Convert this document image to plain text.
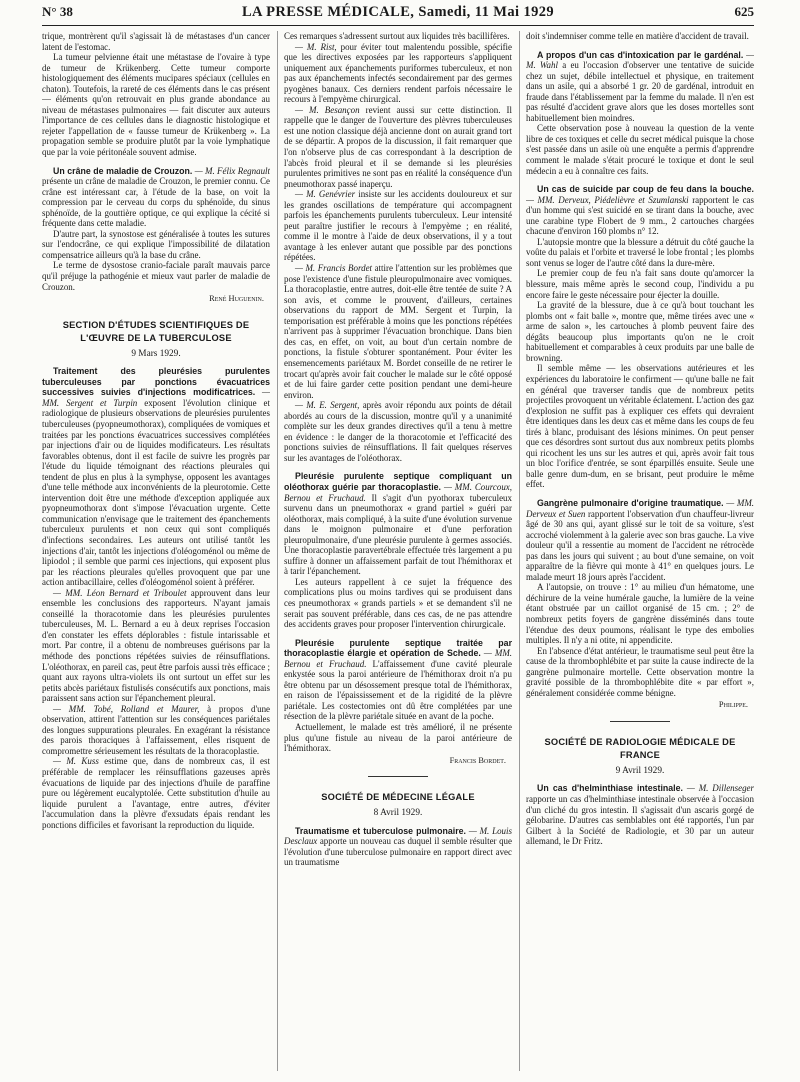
N° 38	LA PRESSE MÉDICALE, Samedi, 11 Mai 1929	625

trique, montrèrent qu'il s'agissait là de métastases d'un cancer latent de l'estomac.

La tumeur pelvienne était une métastase de l'ovaire à type de tumeur de Krükenberg. Cette tumeur comporte histologiquement des éléments mucipares spéciaux (cellules en chaton). Toutefois, la rareté de ces éléments dans le cas présent — éléments qu'on retrouvait en plus grande abondance au niveau de métastases pulmonaires — fait discuter aux auteurs l'importance de ces cellules dans le diagnostic histologique et rejeter l'appellation de « fausse tumeur de Krükenberg ». La propagation semble se produire plutôt par la voie lymphatique que par la voie péritonéale souvent admise.

Un crâne de maladie de Crouzon. — M. Félix Regnault présente un crâne de maladie de Crouzon, le premier connu. Ce crâne est intéressant car, à l'étude de la base, on voit la compression par le cerveau du corps du sphénoïde, du sinus sphénoïde, de la gouttière optique, ce qui explique la cécité si fréquente dans cette maladie.

D'autre part, la synostose est généralisée à toutes les sutures sur l'endocrâne, ce qui explique l'impossibilité de dilatation compensatrice ailleurs qu'à la base du crâne.

Le terme de dysostose cranio-faciale paraît mauvais parce qu'il préjuge la pathogénie et mieux vaut parler de maladie de Crouzon.

René Huguenin.
SECTION D'ÉTUDES SCIENTIFIQUES DE L'ŒUVRE DE LA TUBERCULOSE
9 Mars 1929.

Traitement des pleurésies purulentes tuberculeuses par ponctions évacuatrices successives suivies d'injections modificatrices. — MM. Sergent et Turpin exposent l'évolution clinique et radiologique de plusieurs observations de pleurésies purulentes tuberculeuses (pyopneumothorax), compliquées de vomiques et traitées par les ponctions évacuatrices successives complétées par injections d'air ou de liquides modificateurs. Les résultats favorables obtenus, dont il est facile de suivre les progrès par l'étude du liquide témoignant des réactions pleurales qui tendent de plus en plus à la symphyse, opposent les avantages d'une telle méthode aux inconvénients de la pleurotomie. Cette intervention doit être une méthode d'exception appliquée aux pyopneumothorax dont s'impose l'évacuation urgente. Cette communication n'envisage que le traitement des épanchements tuberculeux purulents et non ceux qui sont compliqués d'infections secondaires. Les auteurs ont utilisé tantôt les injections d'air, tantôt les injections d'oléogoménol ou même de lipiodol ; il semble que parmi ces injections, qui exposent plus par les réactions pleurales qu'elles provoquent que par une action antibacillaire, celles d'oléogoménol soient à préférer.

— MM. Léon Bernard et Triboulet approuvent dans leur ensemble les conclusions des rapporteurs. N'ayant jamais conseillé la thoracotomie dans les pleurésies purulentes tuberculeuses, M. L. Bernard a eu à deux reprises l'occasion d'en constater les effets déplorables : fistule intarissable et mort. Par contre, il a obtenu de nombreuses guérisons par la méthode des ponctions répétées suivies de réinsufflations. L'oléothorax, en pareil cas, peut être parfois aussi très efficace ; quant aux rayons ultra-violets ils ont surtout un effet sur les petits abcès pariétaux fistulisés consécutifs aux ponctions, mais paraissent sans action sur l'épanchement pleural.

— MM. Tobé, Rolland et Maurer, à propos d'une observation, attirent l'attention sur les conséquences pariétales des longues suppurations pleurales. En exagérant la résistance des parois thoraciques à l'affaissement, elles risquent de compromettre sérieusement les résultats de la thoracoplastie.

— M. Kuss estime que, dans de nombreux cas, il est préférable de remplacer les réinsufflations gazeuses après évacuations de liquide par des injections d'huile de paraffine pure ou légèrement eucalyptolée. Cette substitution d'huile au liquide purulent a l'avantage, entre autres, d'éviter l'accumulation dans la plèvre d'exsudats épais rendant les ponctions difficiles et favorisant la reproduction du liquide.

Ces remarques s'adressent surtout aux liquides très bacillifères.

— M. Rist, pour éviter tout malentendu possible, spécifie que les directives exposées par les rapporteurs s'appliquent uniquement aux épanchements puriformes tuberculeux, et non pas aux épanchements infectés secondairement par des germes pyogènes banaux. Ces derniers rendent parfois nécessaire le recours à l'empyème chirurgical.

— M. Besançon revient aussi sur cette distinction. Il rappelle que le danger de l'ouverture des plèvres tuberculeuses est une notion classique déjà ancienne dont on aurait grand tort de se départir. A propos de la discussion, il fait remarquer que l'on n'observe plus de cas correspondant à la description de l'abcès froid pleural et il se demande si les pleurésies purulentes primitives ne sont pas en réalité la conséquence d'un pneumothorax passé inaperçu.

— M. Genévrier insiste sur les accidents douloureux et sur les grandes oscillations de température qui accompagnent parfois les épanchements purulents tuberculeux. Leur intensité peut paraître justifier le recours à l'empyème ; en réalité, comme il le montre à l'aide de deux observations, il y a tout avantage à les enlever autant que possible par des ponctions répétées.

— M. Francis Bordet attire l'attention sur les problèmes que pose l'existence d'une fistule pleuropulmonaire avec vomiques. La thoracoplastie, entre autres, doit-elle être tentée de suite ? A son avis, et comme le prouvent, d'ailleurs, certaines observations du rapport de MM. Sergent et Turpin, la temporisation est préférable à moins que les ponctions répétées n'arrivent pas à supprimer l'évacuation bronchique. Dans bien des cas, en effet, on voit, au bout d'un certain nombre de ponctions, la fistule s'obturer spontanément. Pour éviter les ensemencements pariétaux M. Bordet conseille de ne retirer le trocart qu'après avoir fait coucher le malade sur le côté opposé et de lui faire garder cette position pendant une demi-heure environ.

— M. E. Sergent, après avoir répondu aux points de détail abordés au cours de la discussion, montre qu'il y a unanimité complète sur les deux grandes directives qu'il a tenu à mettre en évidence : le danger de la thoracotomie et l'efficacité des ponctions suivies de réinsufflations. Il fait quelques réserves sur les avantages de l'oléothorax.

Pleurésie purulente septique compliquant un oléothorax guérie par thoracoplastie. — MM. Courcoux, Bernou et Fruchaud. Il s'agit d'un pyothorax tuberculeux survenu dans un pneumothorax « grand partiel » guéri par oléothorax, mais compliqué, à la suite d'une évolution survenue dans le moignon pulmonaire et d'une perforation pleuropulmonaire, d'une pleurésie purulente à germes associés. Une thoracoplastie paravertébrale effectuée très largement a pu suffire à donner un affaissement parfait de tout l'hémithorax et à tarir l'épanchement.

Les auteurs rappellent à ce sujet la fréquence des complications plus ou moins tardives qui se produisent dans ces pneumothorax « grands partiels » et se demandent s'il ne serait pas souvent préférable, dans ces cas, de ne pas attendre des accidents graves pour proposer l'intervention chirurgicale.

Pleurésie purulente septique traitée par thoracoplastie élargie et opération de Schede. — MM. Bernou et Fruchaud. L'affaissement d'une cavité pleurale enkystée sous la paroi antérieure de l'hémithorax droit n'a pu être obtenu par un désossement presque total de l'hémithorax, en raison de l'épaississement et de la rigidité de la plèvre pariétale. Les costectomies ont dû être complétées par une résection de la plèvre pariétale située en avant de la poche.

Actuellement, le malade est très amélioré, il ne présente plus qu'une fistule au niveau de la paroi antérieure de l'hémithorax.

Francis Bordet.
SOCIÉTÉ DE MÉDECINE LÉGALE
8 Avril 1929.

Traumatisme et tuberculose pulmonaire. — M. Louis Desclaux apporte un nouveau cas duquel il semble résulter que l'évolution d'une tuberculose pulmonaire en rapport direct avec un traumatisme

doit s'indemniser comme telle en matière d'accident de travail.

A propos d'un cas d'intoxication par le gardénal. — M. Wahl a eu l'occasion d'observer une tentative de suicide chez un sujet, débile intellectuel et physique, en traitement dans un asile, qui a absorbé 1 gr. 20 de gardénal, introduit en fraude dans l'établissement par la femme du malade. Il n'en est pas résulté d'accident grave alors que les doses mortelles sont habituellement bien moindres.

Cette observation pose à nouveau la question de la vente libre de ces toxiques et celle du secret médical puisque la chose s'est passée dans un asile où une enquête a permis d'apprendre comment le malade s'était procuré le toxique et dont le seul médecin a eu à connaître ces faits.

Un cas de suicide par coup de feu dans la bouche. — MM. Derveux, Piédelièvre et Szumlanski rapportent le cas d'un homme qui s'est suicidé en se tirant dans la bouche, avec une carabine type Flobert de 9 mm., 2 cartouches chargées chacune d'environ 160 plombs n° 12.

L'autopsie montre que la blessure a détruit du côté gauche la voûte du palais et l'orbite et traversé le lobe frontal ; les plombs sont venus se loger de l'autre côté dans la dure-mère.

Le premier coup de feu n'a fait sans doute qu'amorcer la blessure, mais même après le second coup, l'individu a pu encore faire le geste nécessaire pour éjecter la douille.

La gravité de la blessure, due à ce qu'à bout touchant les plombs ont « fait balle », montre que, même tirées avec une « arme de salon », les cartouches à plomb peuvent faire des dégâts beaucoup plus importants qu'on ne le croit habituellement et comparables à ceux produits par une balle de browning.

Il semble même — les observations autérieures et les expériences du laboratoire le confirment — qu'une balle ne fait en général que traverser tandis que de nombreux petits projectiles provoquent un véritable éclatement. L'action des gaz d'explosion ne suffit pas à expliquer ces effets qui devraient être identiques dans les deux cas et même dans les coups de feu tirés à blanc, produisant des lésions minimes. On peut penser que ces désordres sont surtout dus aux nombreux petits plombs qui ricochent les uns sur les autres et qui, après avoir fait tous un bloc l'orifice d'entrée, se sont éparpillés ensuite. Seule une balle genre dum-dum, en se brisant, peut produire le même effet.

Gangrène pulmonaire d'origine traumatique. — MM. Derveux et Suen rapportent l'observation d'un chauffeur-livreur âgé de 30 ans qui, ayant glissé sur le toit de sa voiture, s'est accroché violemment à la galerie avec son bras gauche. La vive douleur qu'il a ressentie au moment de l'accident ne rétrocède pas dans les jours qui suivent ; au bout d'une semaine, on voit apparaître de la fièvre qui monte à 41° en quelques jours. Le malade meurt 18 jours après l'accident.

A l'autopsie, on trouve : 1° au milieu d'un hématome, une déchirure de la veine humérale gauche, la lumière de la veine étant obstruée par un caillot organisé de 15 cm. ; 2° de nombreux petits foyers de gangrène disséminés dans toute l'étendue des deux poumons, réalisant le type des embolies multiples. Il n'y a ni otite, ni appendicite.

En l'absence d'état antérieur, le traumatisme seul peut être la cause de la thrombophlébite et par suite la cause indirecte de la gangrène pulmonaire mortelle. Cette observation montre la gravité possible de la thrombophlébite dite « par effort », généralement considérée comme bénigne.

Philippe.
SOCIÉTÉ DE RADIOLOGIE MÉDICALE DE FRANCE
9 Avril 1929.

Un cas d'helminthiase intestinale. — M. Dillenseger rapporte un cas d'helminthiase intestinale observée à l'occasion d'un cliché du gros intestin. Il s'agissait d'un ascaris gorgé de gélobarine. D'autres cas semblables ont été rapportés, l'un par Gilbert à la Société de Radiologie, et 30 par un auteur allemand, le Dr Fritz.
